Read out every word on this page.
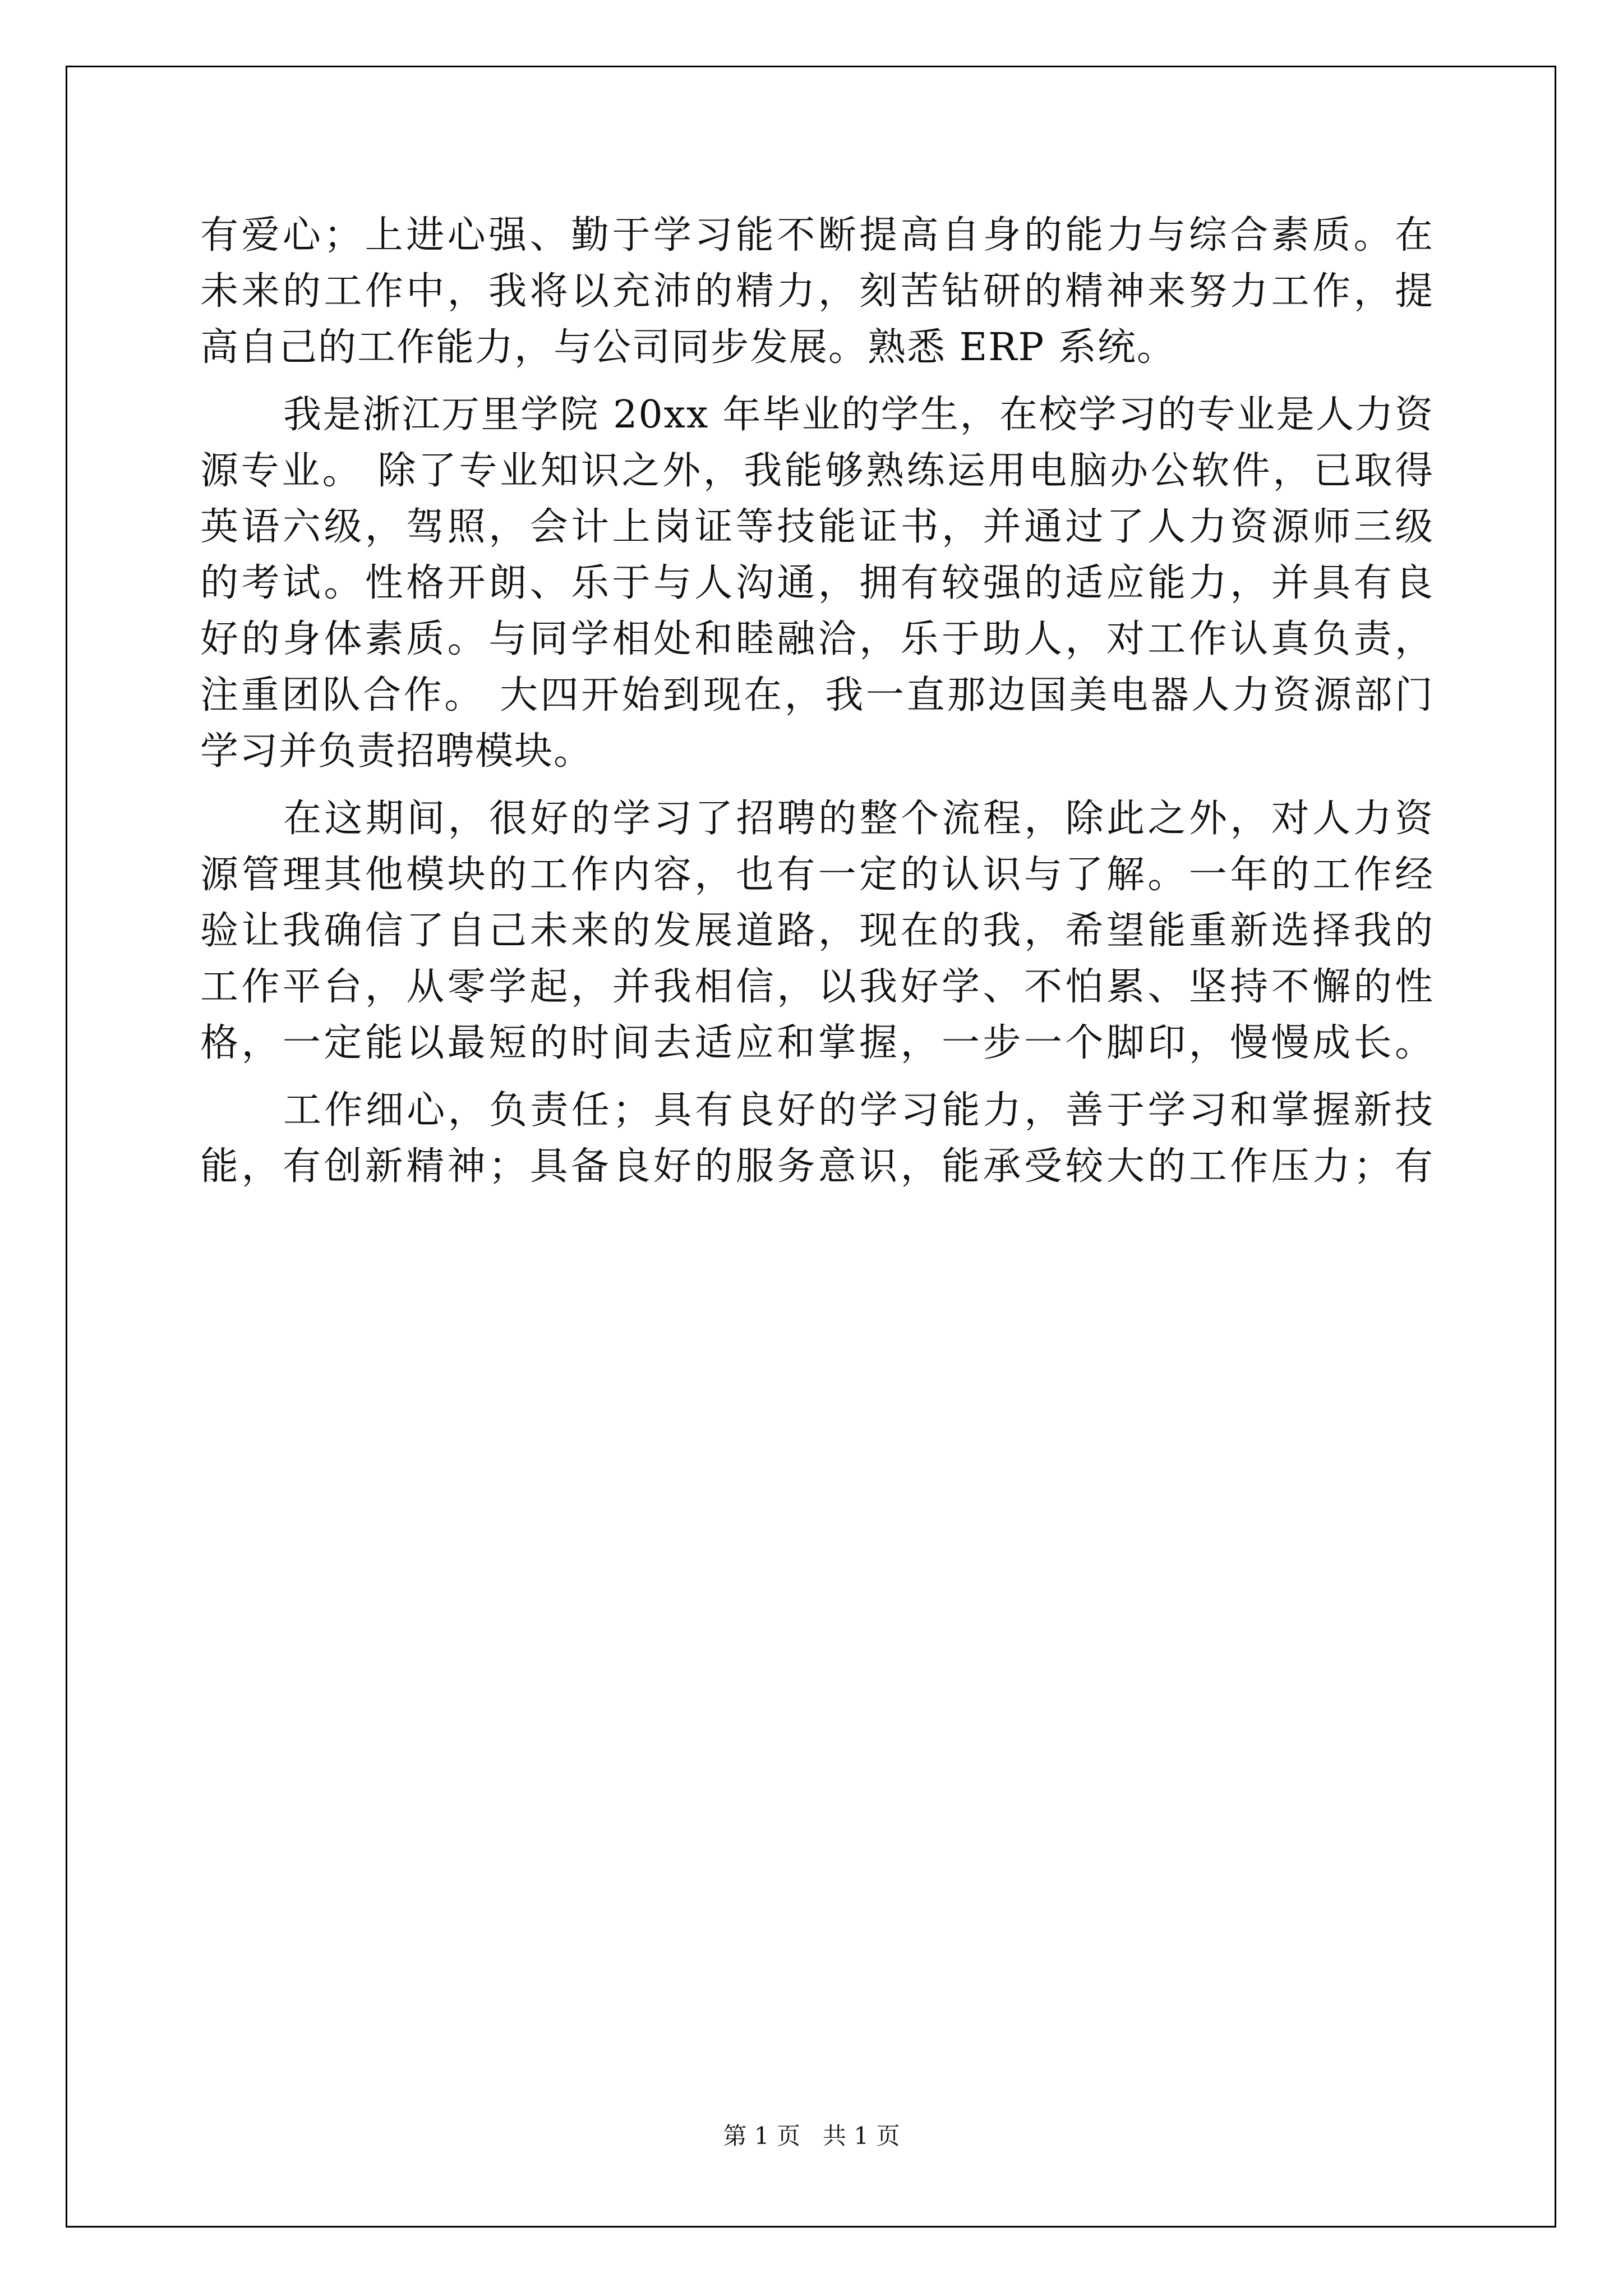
有爱心；上进心强、勤于学习能不断提高自身的能力与综合素质。在
未来的工作中，我将以充沛的精力，刻苦钻研的精神来努力工作，提
高自己的工作能力，与公司同步发展。熟悉 ERP 系统。
我是浙江万里学院 20xx 年毕业的学生，在校学习的专业是人力资
源专业。 除了专业知识之外，我能够熟练运用电脑办公软件，已取得
英语六级，驾照，会计上岗证等技能证书，并通过了人力资源师三级
的考试。性格开朗、乐于与人沟通，拥有较强的适应能力，并具有良
好的身体素质。与同学相处和睦融洽，乐于助人，对工作认真负责，
注重团队合作。 大四开始到现在，我一直那边国美电器人力资源部门
学习并负责招聘模块。
在这期间，很好的学习了招聘的整个流程，除此之外，对人力资
源管理其他模块的工作内容，也有一定的认识与了解。一年的工作经
验让我确信了自己未来的发展道路，现在的我，希望能重新选择我的
工作平台，从零学起，并我相信，以我好学、不怕累、坚持不懈的性
格，一定能以最短的时间去适应和掌握，一步一个脚印，慢慢成长。
工作细心，负责任；具有良好的学习能力，善于学习和掌握新技
能，有创新精神；具备良好的服务意识，能承受较大的工作压力；有
第 1 页   共 1 页
